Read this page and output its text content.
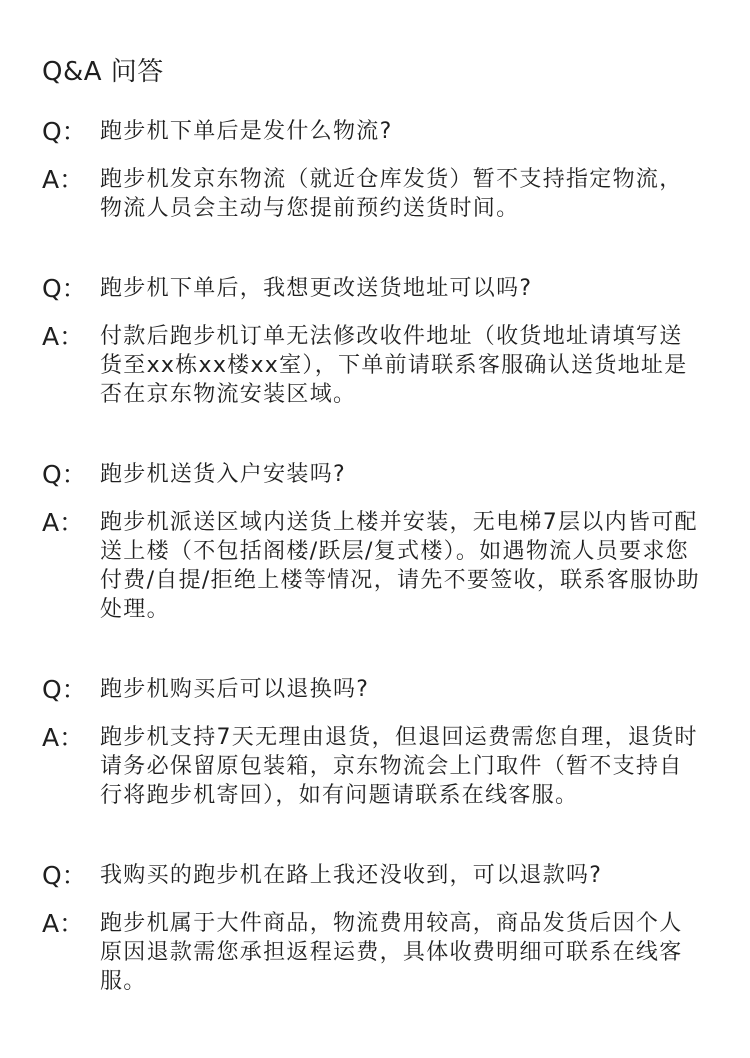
Q&A 问答
Q： 跑步机下单后是发什么物流?
A： 跑步机发京东物流（就近仓库发货）暂不支持指定物流，物流人员会主动与您提前预约送货时间。
Q： 跑步机下单后，我想更改送货地址可以吗?
A： 付款后跑步机订单无法修改收件地址（收货地址请填写送货至xx栋xx楼xx室），下单前请联系客服确认送货地址是否在京东物流安装区域。
Q： 跑步机送货入户安装吗?
A： 跑步机派送区域内送货上楼并安装，无电梯7层以内皆可配送上楼（不包括阁楼/跃层/复式楼）。如遇物流人员要求您付费/自提/拒绝上楼等情况，请先不要签收，联系客服协助处理。
Q： 跑步机购买后可以退换吗?
A： 跑步机支持7天无理由退货，但退回运费需您自理，退货时请务必保留原包装箱，京东物流会上门取件（暂不支持自行将跑步机寄回），如有问题请联系在线客服。
Q： 我购买的跑步机在路上我还没收到，可以退款吗?
A： 跑步机属于大件商品，物流费用较高，商品发货后因个人原因退款需您承担返程运费，具体收费明细可联系在线客服。
